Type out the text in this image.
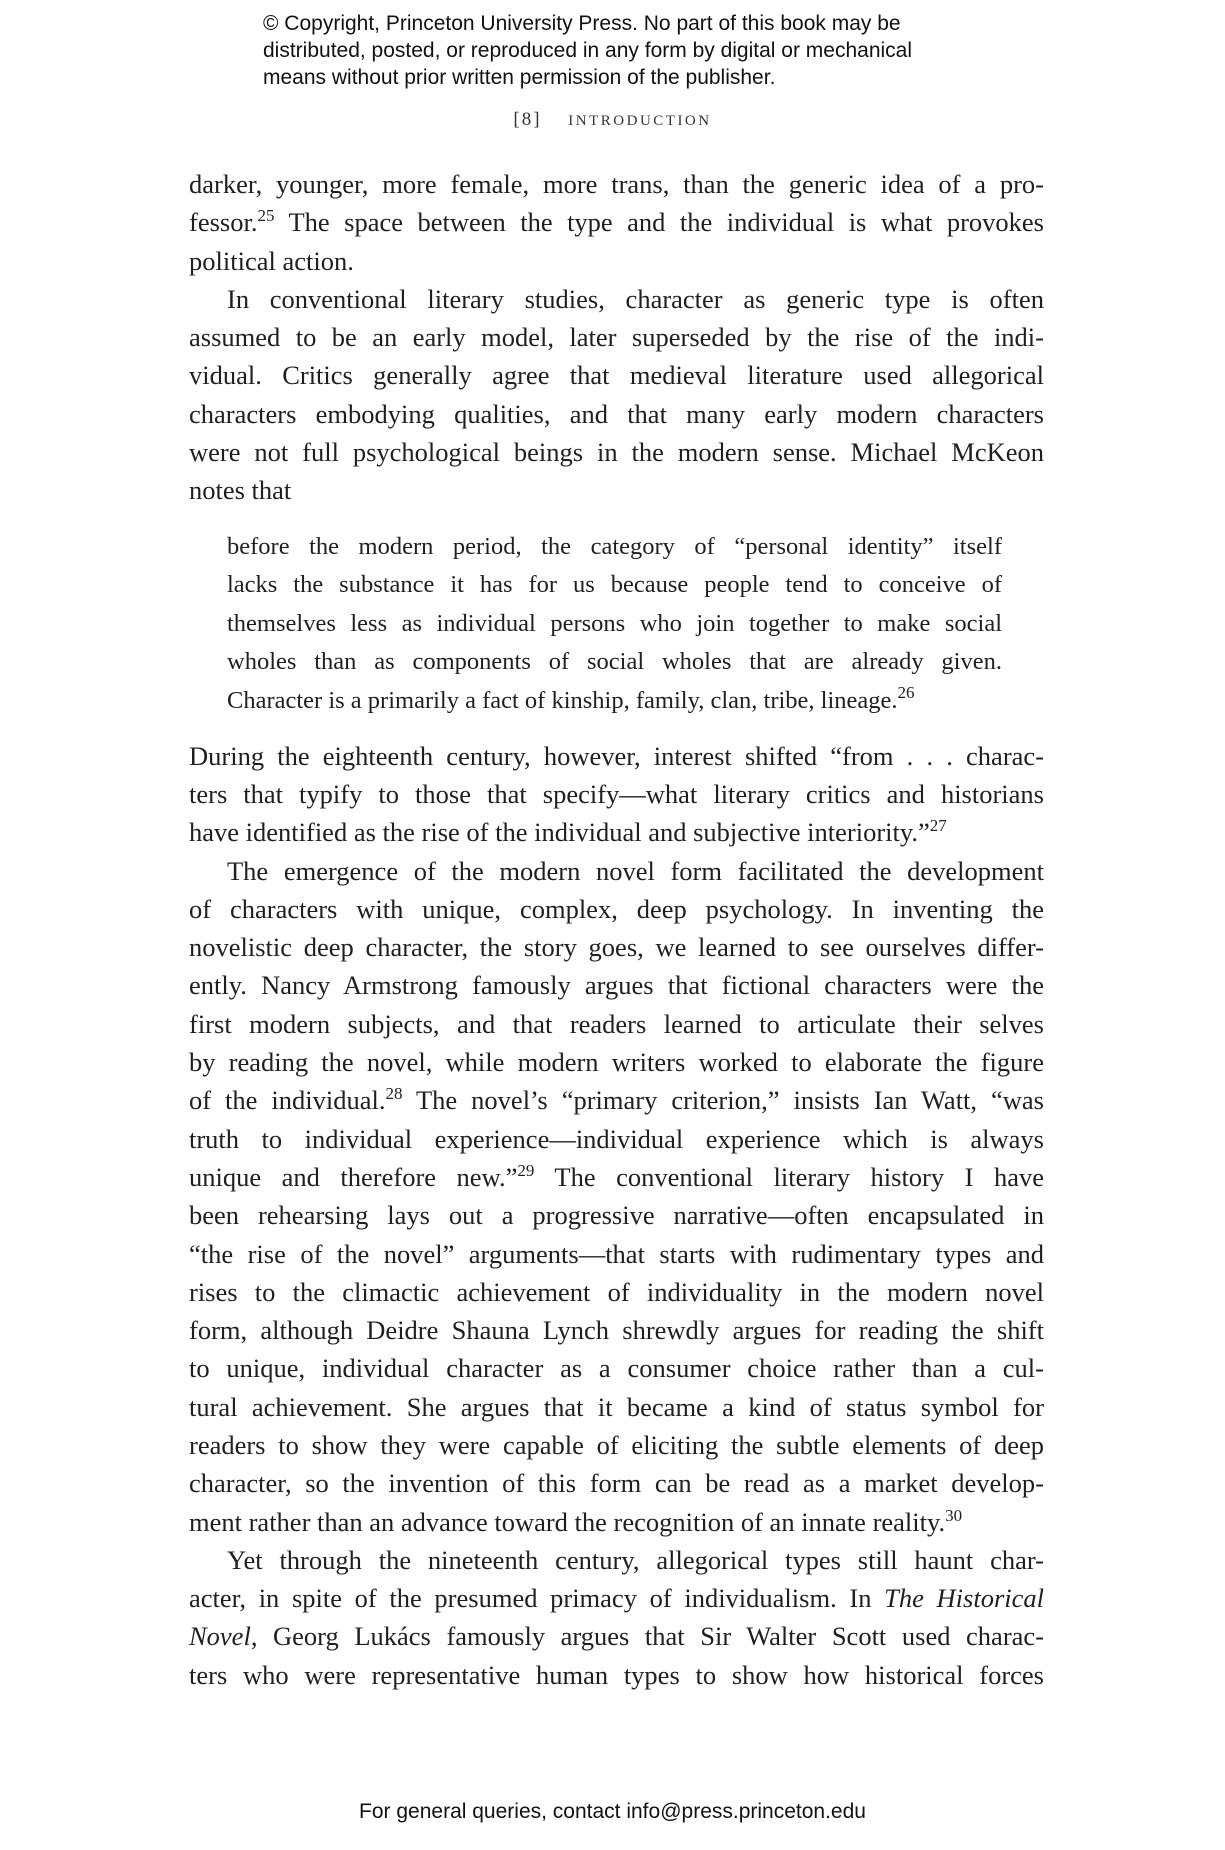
© Copyright, Princeton University Press. No part of this book may be
distributed, posted, or reproduced in any form by digital or mechanical
means without prior written permission of the publisher.
[8] introduction
darker, younger, more female, more trans, than the generic idea of a pro-
fessor.$^{25}$ The space between the type and the individual is what provokes
political action.
In conventional literary studies, character as generic type is often
assumed to be an early model, later superseded by the rise of the indi-
vidual. Critics generally agree that medieval literature used allegorical
characters embodying qualities, and that many early modern characters
were not full psychological beings in the modern sense. Michael McKeon
notes that
before the modern period, the category of “personal identity” itself
lacks the substance it has for us because people tend to conceive of
themselves less as individual persons who join together to make social
wholes than as components of social wholes that are already given.
Character is a primarily a fact of kinship, family, clan, tribe, lineage.$^{26}$
During the eighteenth century, however, interest shifted “from . . . charac-
ters that typify to those that specify—what literary critics and historians
have identified as the rise of the individual and subjective interiority.”$^{27}$
The emergence of the modern novel form facilitated the development
of characters with unique, complex, deep psychology. In inventing the
novelistic deep character, the story goes, we learned to see ourselves differ-
ently. Nancy Armstrong famously argues that fictional characters were the
first modern subjects, and that readers learned to articulate their selves
by reading the novel, while modern writers worked to elaborate the figure
of the individual.$^{28}$ The novel’s “primary criterion,” insists Ian Watt, “was
truth to individual experience—individual experience which is always
unique and therefore new.”$^{29}$ The conventional literary history I have
been rehearsing lays out a progressive narrative—often encapsulated in
“the rise of the novel” arguments—that starts with rudimentary types and
rises to the climactic achievement of individuality in the modern novel
form, although Deidre Shauna Lynch shrewdly argues for reading the shift
to unique, individual character as a consumer choice rather than a cul-
tural achievement. She argues that it became a kind of status symbol for
readers to show they were capable of eliciting the subtle elements of deep
character, so the invention of this form can be read as a market develop-
ment rather than an advance toward the recognition of an innate reality.$^{30}$
Yet through the nineteenth century, allegorical types still haunt char-
acter, in spite of the presumed primacy of individualism. In The Historical
Novel, Georg Lukács famously argues that Sir Walter Scott used charac-
ters who were representative human types to show how historical forces
For general queries, contact info@press.princeton.edu
